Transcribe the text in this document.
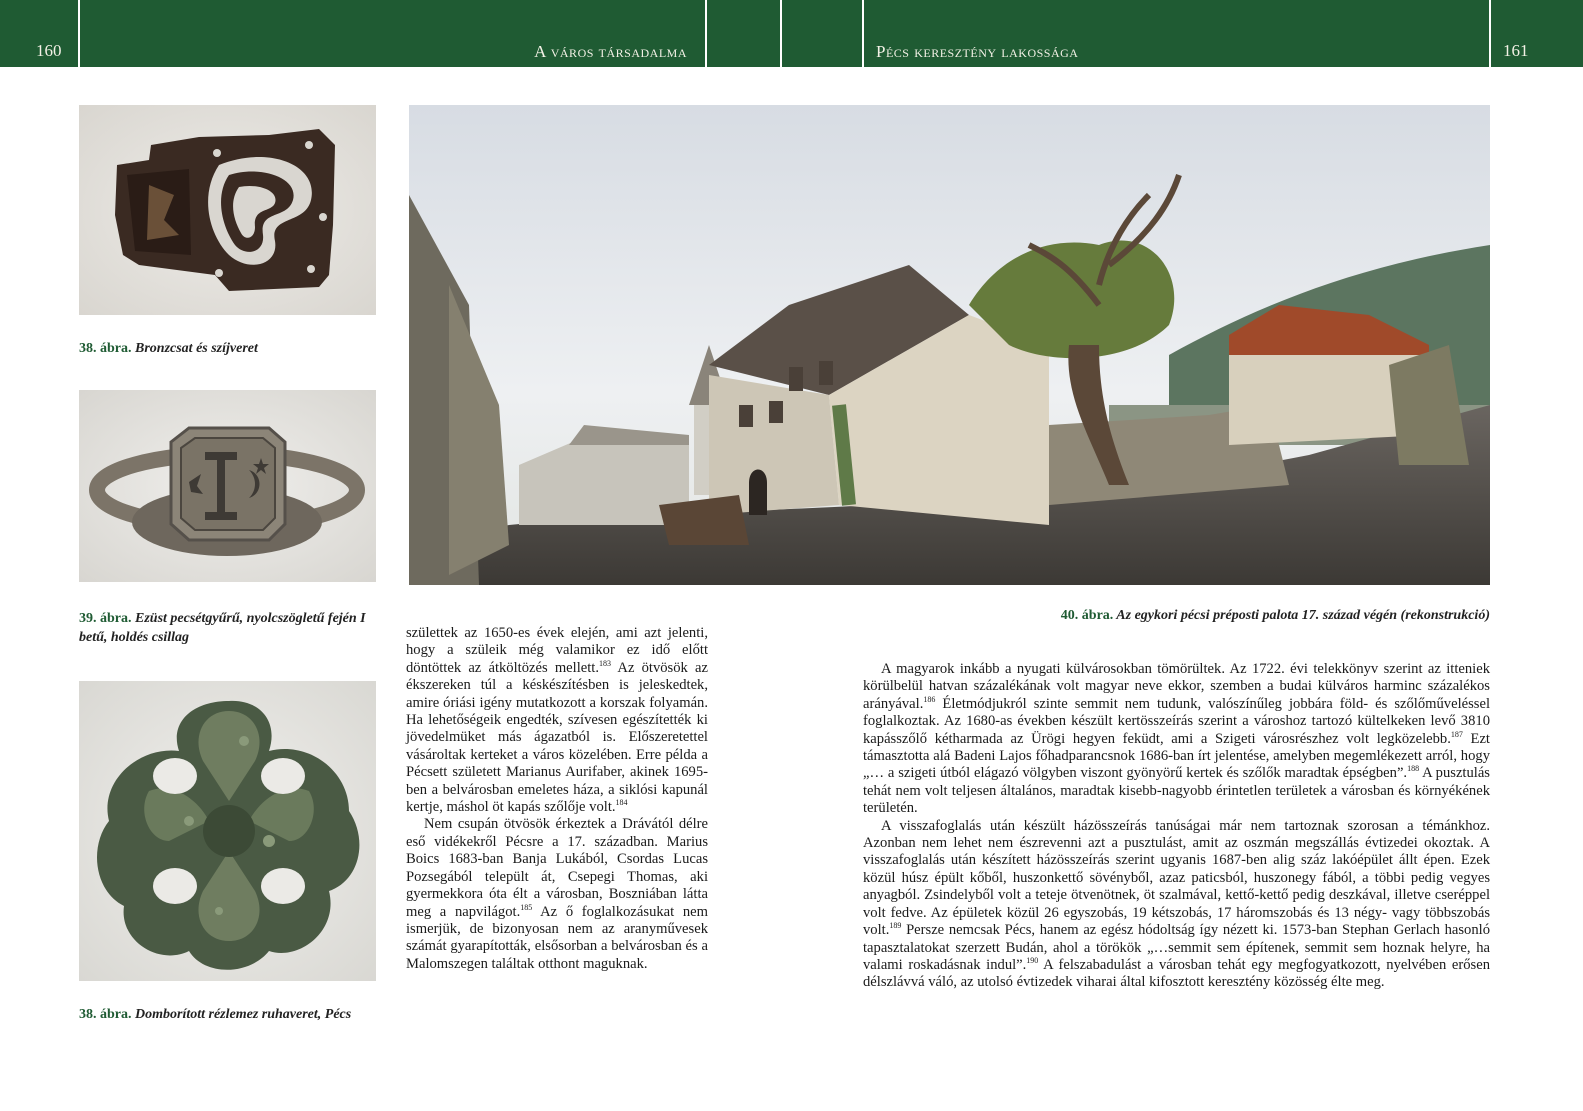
160	A város társadalma	Pécs keresztény lakossága	161
38. ábra. Bronzcsat és szíjveret
39. ábra. Ezüst pecsétgyűrű, nyolcszögletű fején I betű, holdés csillag
38. ábra. Domborított rézlemez ruhaveret, Pécs
40. ábra. Az egykori pécsi préposti palota 17. század végén (rekonstrukció)

születtek az 1650-es évek elején, ami azt jelenti, hogy a szüleik még valamikor ez idő előtt döntöttek az átköltözés mellett.$^{183}$ Az ötvösök az ékszereken túl a késkészítésben is jeleskedtek, amire óriási igény mutatkozott a korszak folyamán. Ha lehetőségeik engedték, szívesen egészítették ki jövedelmüket más ágazatból is. Előszeretettel vásároltak kerteket a város közelében. Erre példa a Pécsett született Marianus Aurifaber, akinek 1695-ben a belvárosban emeletes háza, a siklósi kapunál kertje, máshol öt kapás szőlője volt.$^{184}$

Nem csupán ötvösök érkeztek a Drávától délre eső vidékekről Pécsre a 17. században. Marius Boics 1683-ban Banja Lukából, Csordas Lucas Pozsegából települt át, Csepegi Thomas, aki gyermekkora óta élt a városban, Boszniában látta meg a napvilágot.$^{185}$ Az ő foglalkozásukat nem ismerjük, de bizonyosan nem az aranyművesek számát gyarapították, elsősorban a belvárosban és a Malomszegen találtak otthont maguknak.

A magyarok inkább a nyugati külvárosokban tömörültek. Az 1722. évi telekkönyv szerint az itteniek körülbelül hatvan százalékának volt magyar neve ekkor, szemben a budai külváros harminc százalékos arányával.$^{186}$ Életmódjukról szinte semmit nem tudunk, valószínűleg jobbára föld- és szőlőműveléssel foglalkoztak. Az 1680-as években készült kertösszeírás szerint a városhoz tartozó kültelkeken levő 3810 kapásszőlő kétharmada az Ürögi hegyen feküdt, ami a Szigeti városrészhez volt legközelebb.$^{187}$ Ezt támasztotta alá Badeni Lajos főhadparancsnok 1686-ban írt jelentése, amelyben megemlékezett arról, hogy „… a szigeti útból elágazó völgyben viszont gyönyörű kertek és szőlők maradtak épségben”.$^{188}$ A pusztulás tehát nem volt teljesen általános, maradtak kisebb-nagyobb érintetlen területek a városban és környékének területén.

A visszafoglalás után készült házösszeírás tanúságai már nem tartoznak szorosan a témánkhoz. Azonban nem lehet nem észrevenni azt a pusztulást, amit az oszmán megszállás évtizedei okoztak. A visszafoglalás után készített házösszeírás szerint ugyanis 1687-ben alig száz lakóépület állt épen. Ezek közül húsz épült kőből, huszonkettő sövényből, azaz paticsból, huszonegy fából, a többi pedig vegyes anyagból. Zsindelyből volt a teteje ötvenötnek, öt szalmával, kettő-kettő pedig deszkával, illetve cseréppel volt fedve. Az épületek közül 26 egyszobás, 19 kétszobás, 17 háromszobás és 13 négy- vagy többszobás volt.$^{189}$ Persze nemcsak Pécs, hanem az egész hódoltság így nézett ki. 1573-ban Stephan Gerlach hasonló tapasztalatokat szerzett Budán, ahol a törökök „…semmit sem építenek, semmit sem hoznak helyre, ha valami roskadásnak indul”.$^{190}$ A felszabadulást a városban tehát egy megfogyatkozott, nyelvében erősen délszlávvá váló, az utolsó évtizedek viharai által kifosztott keresztény közösség élte meg.
